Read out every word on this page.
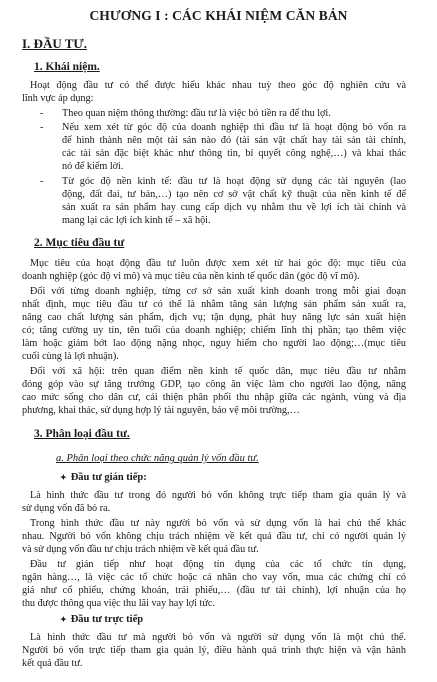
CHƯƠNG I : CÁC KHÁI NIỆM CĂN BẢN
I. ĐẦU TƯ.
1. Khái niệm.
Hoạt động đầu tư có thể được hiểu khác nhau tuỳ theo góc độ nghiên cứu và
lĩnh vực áp dụng:
- Theo quan niệm thông thường: đầu tư là việc bỏ tiền ra để thu lợi.
- Nếu xem xét từ góc độ của doanh nghiệp thì đầu tư là hoạt động bỏ vốn ra
để hình thành nên một tài sản nào đó (tài sản vật chất hay tài sản tài chính,
các tài sản đặc biệt khác như thông tin, bí quyết công nghệ,…) và khai thác
nó để kiếm lời.
- Từ góc độ nền kinh tế: đầu tư là hoạt động sử dụng các tài nguyên (lao
động, đất đai, tư bản,…) tạo nên cơ sở vật chất kỹ thuật của nền kinh tế để
sản xuất ra sản phẩm hay cung cấp dịch vụ nhằm thu về lợi ích tài chính và
mang lại các lợi ích kinh tế – xã hội.
2. Mục tiêu đầu tư
Mục tiêu của hoạt động đầu tư luôn được xem xét từ hai góc độ: mục tiêu của
doanh nghiệp (góc độ vi mô) và mục tiêu của nền kinh tế quốc dân (góc độ vĩ mô).
Đối với từng doanh nghiệp, từng cơ sở sản xuất kinh doanh trong mỗi giai đoạn
nhất định, mục tiêu đầu tư có thể là nhằm tăng sản lượng sản phẩm sản xuất ra,
nâng cao chất lượng sản phẩm, dịch vụ; tận dụng, phát huy năng lực sản xuất hiện
có; tăng cường uy tín, tên tuổi của doanh nghiệp; chiếm lĩnh thị phần; tạo thêm việc
làm hoặc giảm bớt lao động nặng nhọc, nguy hiểm cho người lao động;…(mục tiêu
cuối cùng là lợi nhuận).
Đối với xã hội: trên quan điểm nền kinh tế quốc dân, mục tiêu đầu tư nhằm
đóng góp vào sự tăng trưởng GDP, tạo công ăn việc làm cho người lao động, nâng
cao mức sống cho dân cư, cải thiện phân phối thu nhập giữa các ngành, vùng và địa
phương, khai thác, sử dụng hợp lý tài nguyên, bảo vệ môi trường,…
3. Phân loại đầu tư.
a. Phân loại theo chức năng quản lý vốn đầu tư.
✦ Đầu tư gián tiếp:
Là hình thức đầu tư trong đó người bỏ vốn không trực tiếp tham gia quản lý và
sử dụng vốn đã bỏ ra.
Trong hình thức đầu tư này người bỏ vốn và sử dụng vốn là hai chủ thể khác
nhau. Người bỏ vốn không chịu trách nhiệm về kết quả đầu tư, chỉ có người quản lý
và sử dụng vốn đầu tư chịu trách nhiệm về kết quả đầu tư.
Đầu tư gián tiếp như hoạt động tín dụng của các tổ chức tín dụng,
ngân hàng…, là việc các tổ chức hoặc cá nhân cho vay vốn, mua các chứng chỉ có
giá như cổ phiếu, chứng khoán, trái phiếu,… (đầu tư tài chính), lợi nhuận của họ
thu được thông qua việc thu lãi vay hay lợi tức.
✦ Đầu tư trực tiếp
Là hình thức đầu tư mà người bỏ vốn và người sử dụng vốn là một chủ thể.
Người bỏ vốn trực tiếp tham gia quản lý, điều hành quá trình thực hiện và vận hành
kết quả đầu tư.
